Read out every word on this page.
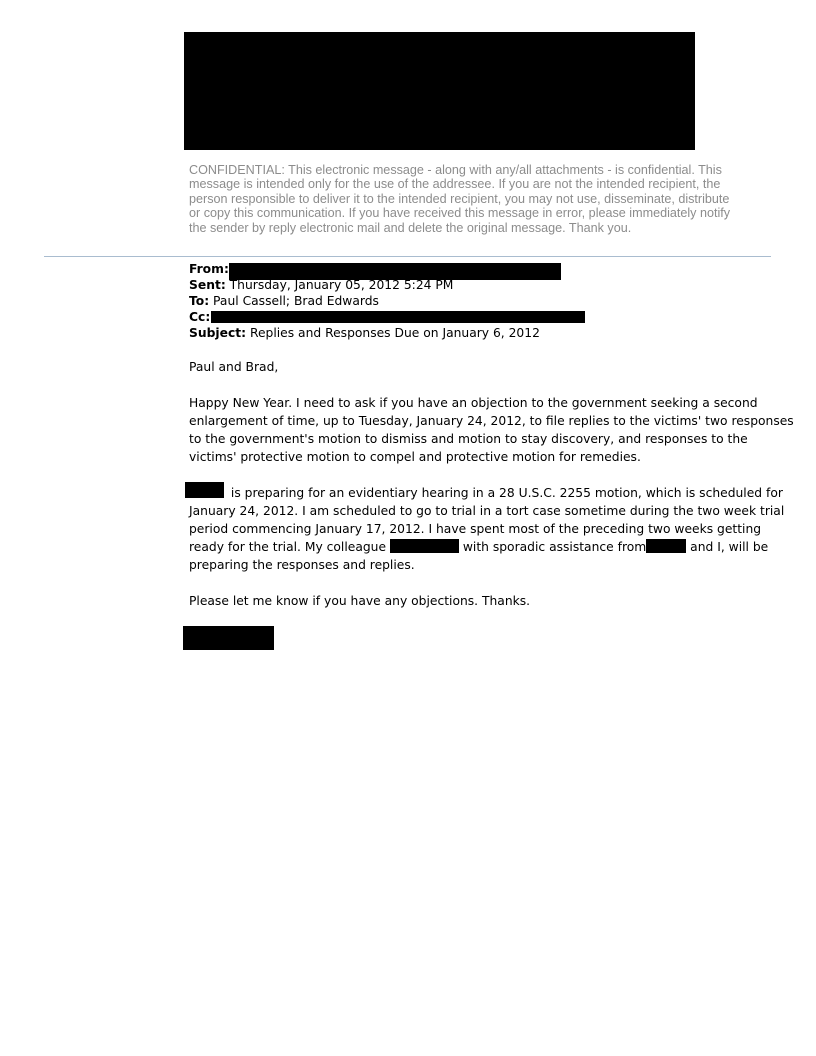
CONFIDENTIAL: This electronic message - along with any/all attachments - is confidential. This
message is intended only for the use of the addressee. If you are not the intended recipient, the
person responsible to deliver it to the intended recipient, you may not use, disseminate, distribute
or copy this communication. If you have received this message in error, please immediately notify
the sender by reply electronic mail and delete the original message. Thank you.
From:
Sent: Thursday, January 05, 2012 5:24 PM
To: Paul Cassell; Brad Edwards
Cc:
Subject: Replies and Responses Due on January 6, 2012
Paul and Brad,
Happy New Year. I need to ask if you have an objection to the government seeking a second
enlargement of time, up to Tuesday, January 24, 2012, to file replies to the victims' two responses
to the government's motion to dismiss and motion to stay discovery, and responses to the
victims' protective motion to compel and protective motion for remedies.
is preparing for an evidentiary hearing in a 28 U.S.C. 2255 motion, which is scheduled for
January 24, 2012. I am scheduled to go to trial in a tort case sometime during the two week trial
period commencing January 17, 2012. I have spent most of the preceding two weeks getting
ready for the trial. My colleague	with sporadic assistance from	and I, will be
preparing the responses and replies.
Please let me know if you have any objections. Thanks.
